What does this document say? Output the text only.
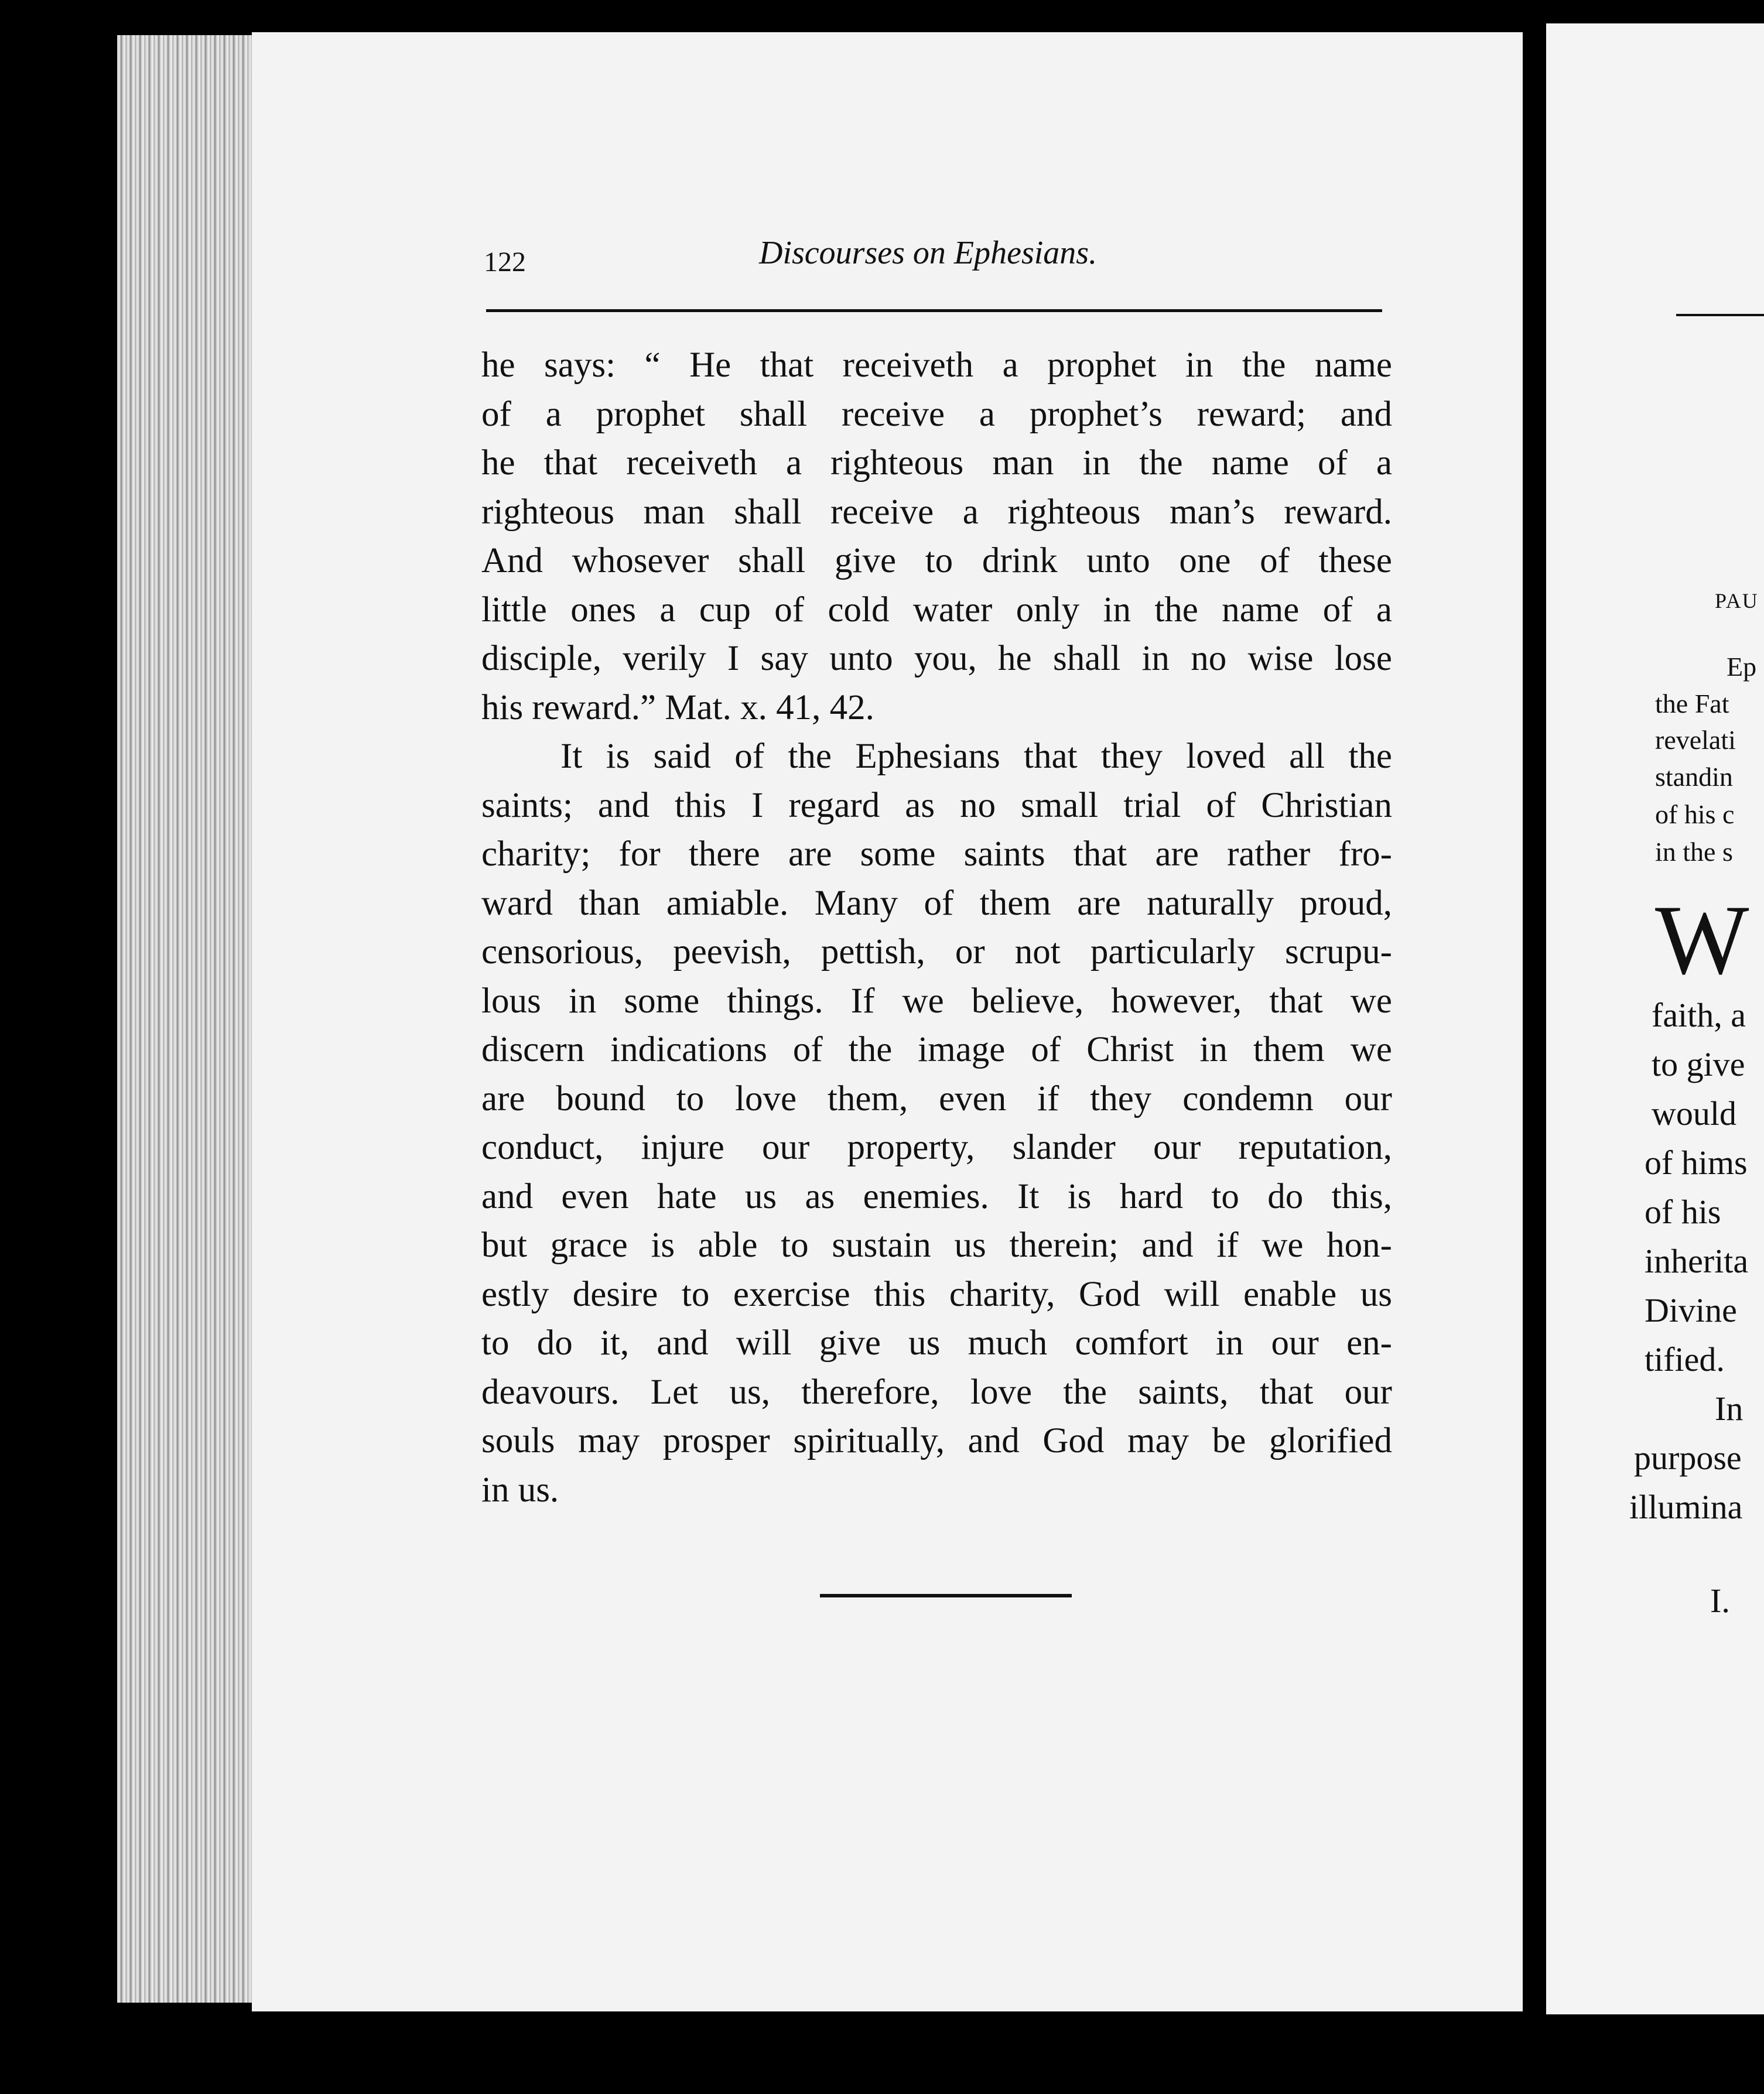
122	Discourses on Ephesians.

he says: “ He that receiveth a prophet in the name
of a prophet shall receive a prophet’s reward; and
he that receiveth a righteous man in the name of a
righteous man shall receive a righteous man’s reward.
And whosever shall give to drink unto one of these
little ones a cup of cold water only in the name of a
disciple, verily I say unto you, he shall in no wise lose
his reward.” Mat. x. 41, 42.

It is said of the Ephesians that they loved all the
saints; and this I regard as no small trial of Christian
charity; for there are some saints that are rather fro-
ward than amiable. Many of them are naturally proud,
censorious, peevish, pettish, or not particularly scrupu-
lous in some things. If we believe, however, that we
discern indications of the image of Christ in them we
are bound to love them, even if they condemn our
conduct, injure our property, slander our reputation,
and even hate us as enemies. It is hard to do this,
but grace is able to sustain us therein; and if we hon-
estly desire to exercise this charity, God will enable us
to do it, and will give us much comfort in our en-
deavours. Let us, therefore, love the saints, that our
souls may prosper spiritually, and God may be glorified
in us.

PAU
Ep
the Fat
revelati
standin
of his c
in the s
W
faith, a
to give
would
of hims
of his
inherita
Divine
tified.
In
purpose
illumina
I.
